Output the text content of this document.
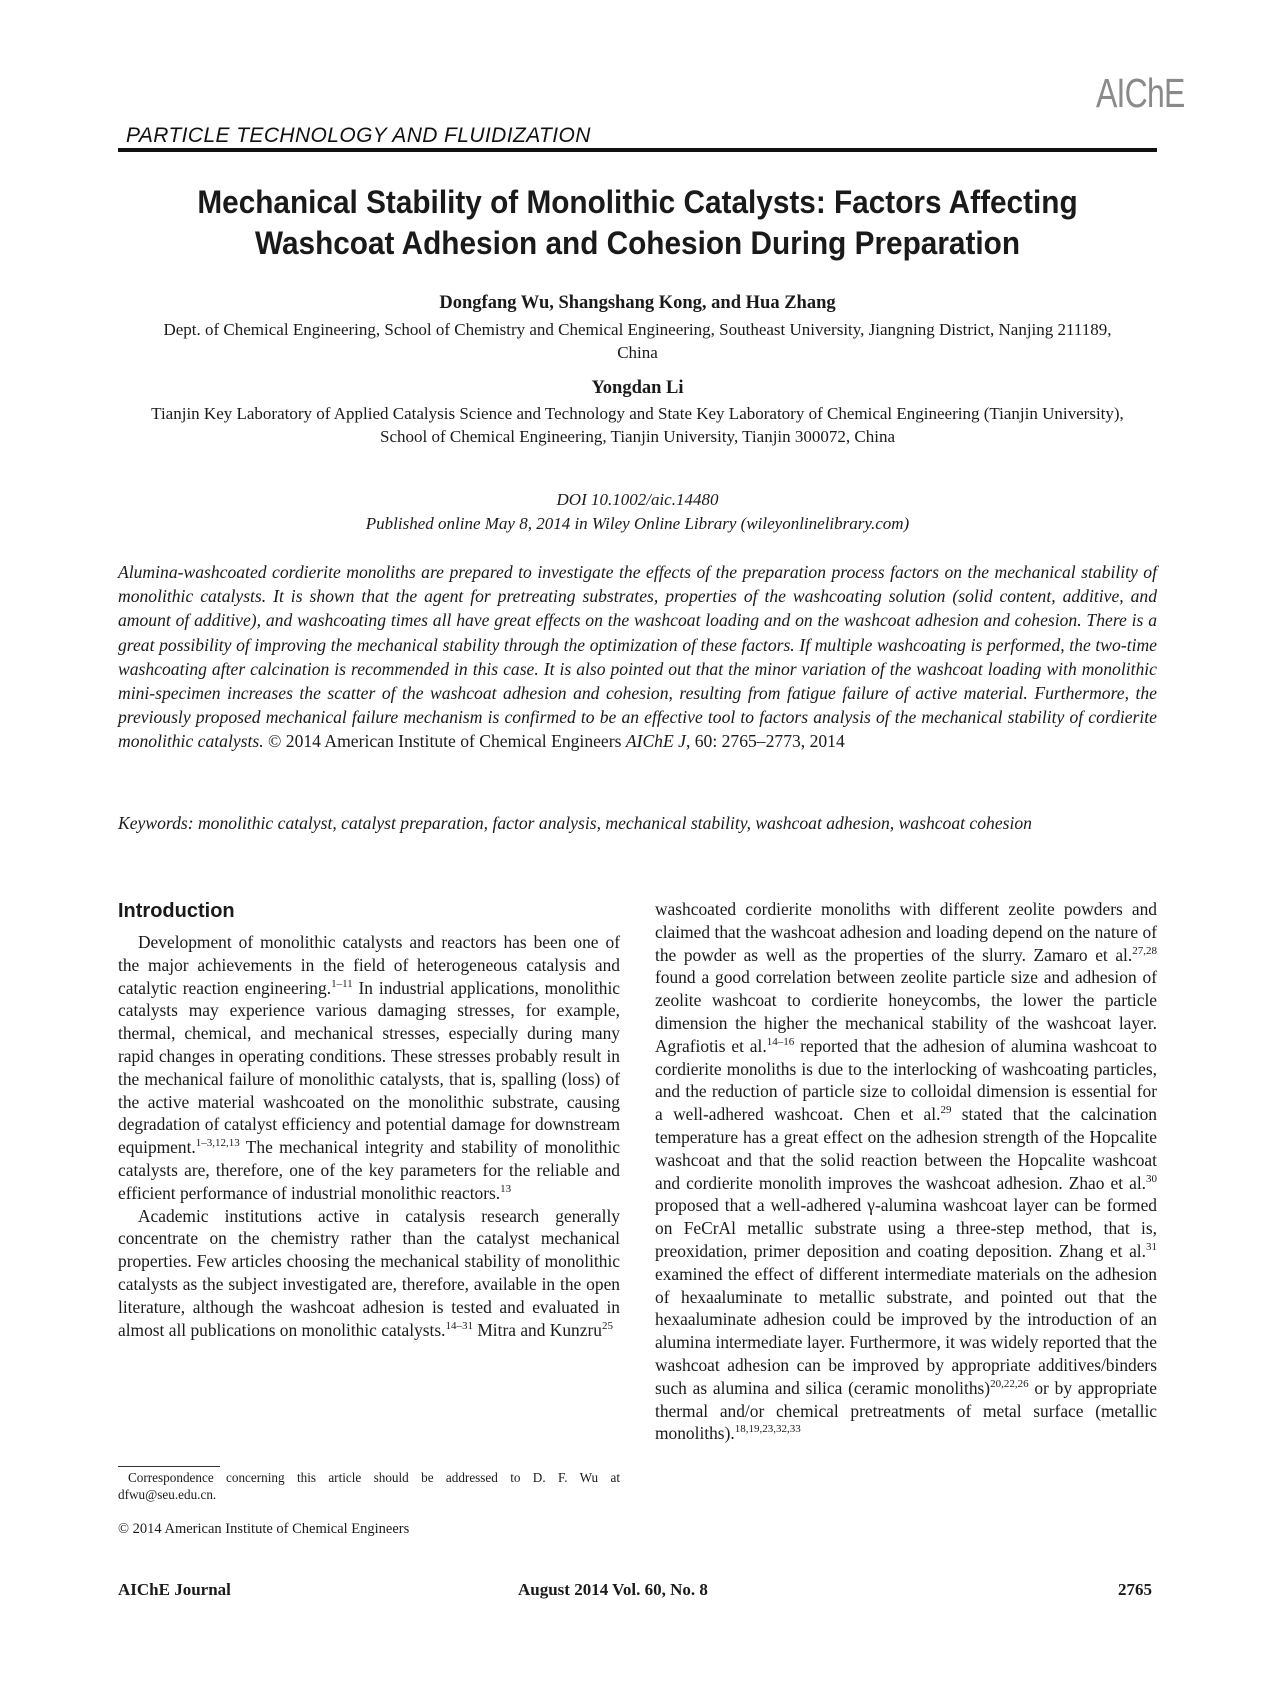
AIChE
PARTICLE TECHNOLOGY AND FLUIDIZATION
Mechanical Stability of Monolithic Catalysts: Factors Affecting
Washcoat Adhesion and Cohesion During Preparation
Dongfang Wu, Shangshang Kong, and Hua Zhang
Dept. of Chemical Engineering, School of Chemistry and Chemical Engineering, Southeast University, Jiangning District, Nanjing 211189, China
Yongdan Li
Tianjin Key Laboratory of Applied Catalysis Science and Technology and State Key Laboratory of Chemical Engineering (Tianjin University), School of Chemical Engineering, Tianjin University, Tianjin 300072, China
DOI 10.1002/aic.14480
Published online May 8, 2014 in Wiley Online Library (wileyonlinelibrary.com)
Alumina-washcoated cordierite monoliths are prepared to investigate the effects of the preparation process factors on the mechanical stability of monolithic catalysts. It is shown that the agent for pretreating substrates, properties of the washcoating solution (solid content, additive, and amount of additive), and washcoating times all have great effects on the washcoat loading and on the washcoat adhesion and cohesion. There is a great possibility of improving the mechanical stability through the optimization of these factors. If multiple washcoating is performed, the two-time washcoating after calcination is recommended in this case. It is also pointed out that the minor variation of the washcoat loading with monolithic mini-specimen increases the scatter of the washcoat adhesion and cohesion, resulting from fatigue failure of active material. Furthermore, the previously proposed mechanical failure mechanism is confirmed to be an effective tool to factors analysis of the mechanical stability of cordierite monolithic catalysts. © 2014 American Institute of Chemical Engineers AIChE J, 60: 2765–2773, 2014
Keywords: monolithic catalyst, catalyst preparation, factor analysis, mechanical stability, washcoat adhesion, washcoat cohesion
Introduction

Development of monolithic catalysts and reactors has been one of the major achievements in the field of heterogeneous catalysis and catalytic reaction engineering.$^{1-11}$ In industrial applications, monolithic catalysts may experience various damaging stresses, for example, thermal, chemical, and mechanical stresses, especially during many rapid changes in operating conditions. These stresses probably result in the mechanical failure of monolithic catalysts, that is, spalling (loss) of the active material washcoated on the monolithic substrate, causing degradation of catalyst efficiency and potential damage for downstream equipment.$^{1-3,12,13}$ The mechanical integrity and stability of monolithic catalysts are, therefore, one of the key parameters for the reliable and efficient performance of industrial monolithic reactors.$^{13}$

Academic institutions active in catalysis research generally concentrate on the chemistry rather than the catalyst mechanical properties. Few articles choosing the mechanical stability of monolithic catalysts as the subject investigated are, therefore, available in the open literature, although the washcoat adhesion is tested and evaluated in almost all publications on monolithic catalysts.$^{14-31}$ Mitra and Kunzru$^{25}$

washcoated cordierite monoliths with different zeolite powders and claimed that the washcoat adhesion and loading depend on the nature of the powder as well as the properties of the slurry. Zamaro et al.$^{27,28}$ found a good correlation between zeolite particle size and adhesion of zeolite washcoat to cordierite honeycombs, the lower the particle dimension the higher the mechanical stability of the washcoat layer. Agrafiotis et al.$^{14-16}$ reported that the adhesion of alumina washcoat to cordierite monoliths is due to the interlocking of washcoating particles, and the reduction of particle size to colloidal dimension is essential for a well-adhered washcoat. Chen et al.$^{29}$ stated that the calcination temperature has a great effect on the adhesion strength of the Hopcalite washcoat and that the solid reaction between the Hopcalite washcoat and cordierite monolith improves the washcoat adhesion. Zhao et al.$^{30}$ proposed that a well-adhered γ-alumina washcoat layer can be formed on FeCrAl metallic substrate using a three-step method, that is, preoxidation, primer deposition and coating deposition. Zhang et al.$^{31}$ examined the effect of different intermediate materials on the adhesion of hexaaluminate to metallic substrate, and pointed out that the hexaaluminate adhesion could be improved by the introduction of an alumina intermediate layer. Furthermore, it was widely reported that the washcoat adhesion can be improved by appropriate additives/binders such as alumina and silica (ceramic monoliths)$^{20,22,26}$ or by appropriate thermal and/or chemical pretreatments of metal surface (metallic monoliths).$^{18,19,23,32,33}$

Correspondence concerning this article should be addressed to D. F. Wu at dfwu@seu.edu.cn.
© 2014 American Institute of Chemical Engineers
AIChE Journal	August 2014 Vol. 60, No. 8	2765
